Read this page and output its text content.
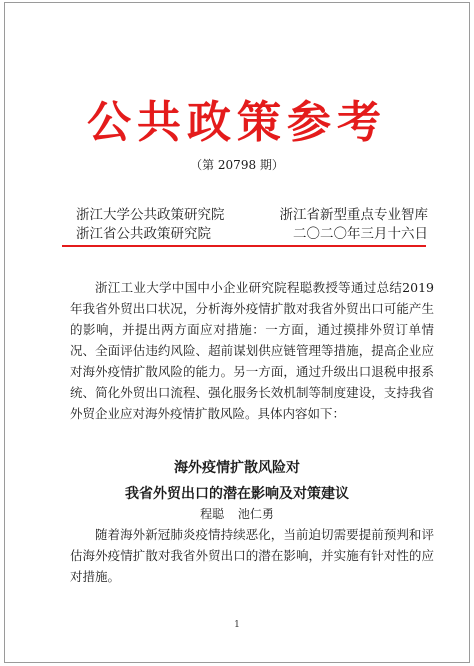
公共政策参考
（第 20798 期）
浙江大学公共政策研究院	浙江省新型重点专业智库
浙江省公共政策研究院	二〇二〇年三月十六日

浙江工业大学中国中小企业研究院程聪教授等通过总结2019 年我省外贸出口状况，分析海外疫情扩散对我省外贸出口可能产生的影响，并提出两方面应对措施：一方面，通过摸排外贸订单情况、全面评估违约风险、超前谋划供应链管理等措施，提高企业应对海外疫情扩散风险的能力。另一方面，通过升级出口退税申报系统、简化外贸出口流程、强化服务长效机制等制度建设，支持我省外贸企业应对海外疫情扩散风险。具体内容如下：

海外疫情扩散风险对
我省外贸出口的潜在影响及对策建议
程聪 池仁勇

随着海外新冠肺炎疫情持续恶化，当前迫切需要提前预判和评估海外疫情扩散对我省外贸出口的潜在影响，并实施有针对性的应对措施。

1
